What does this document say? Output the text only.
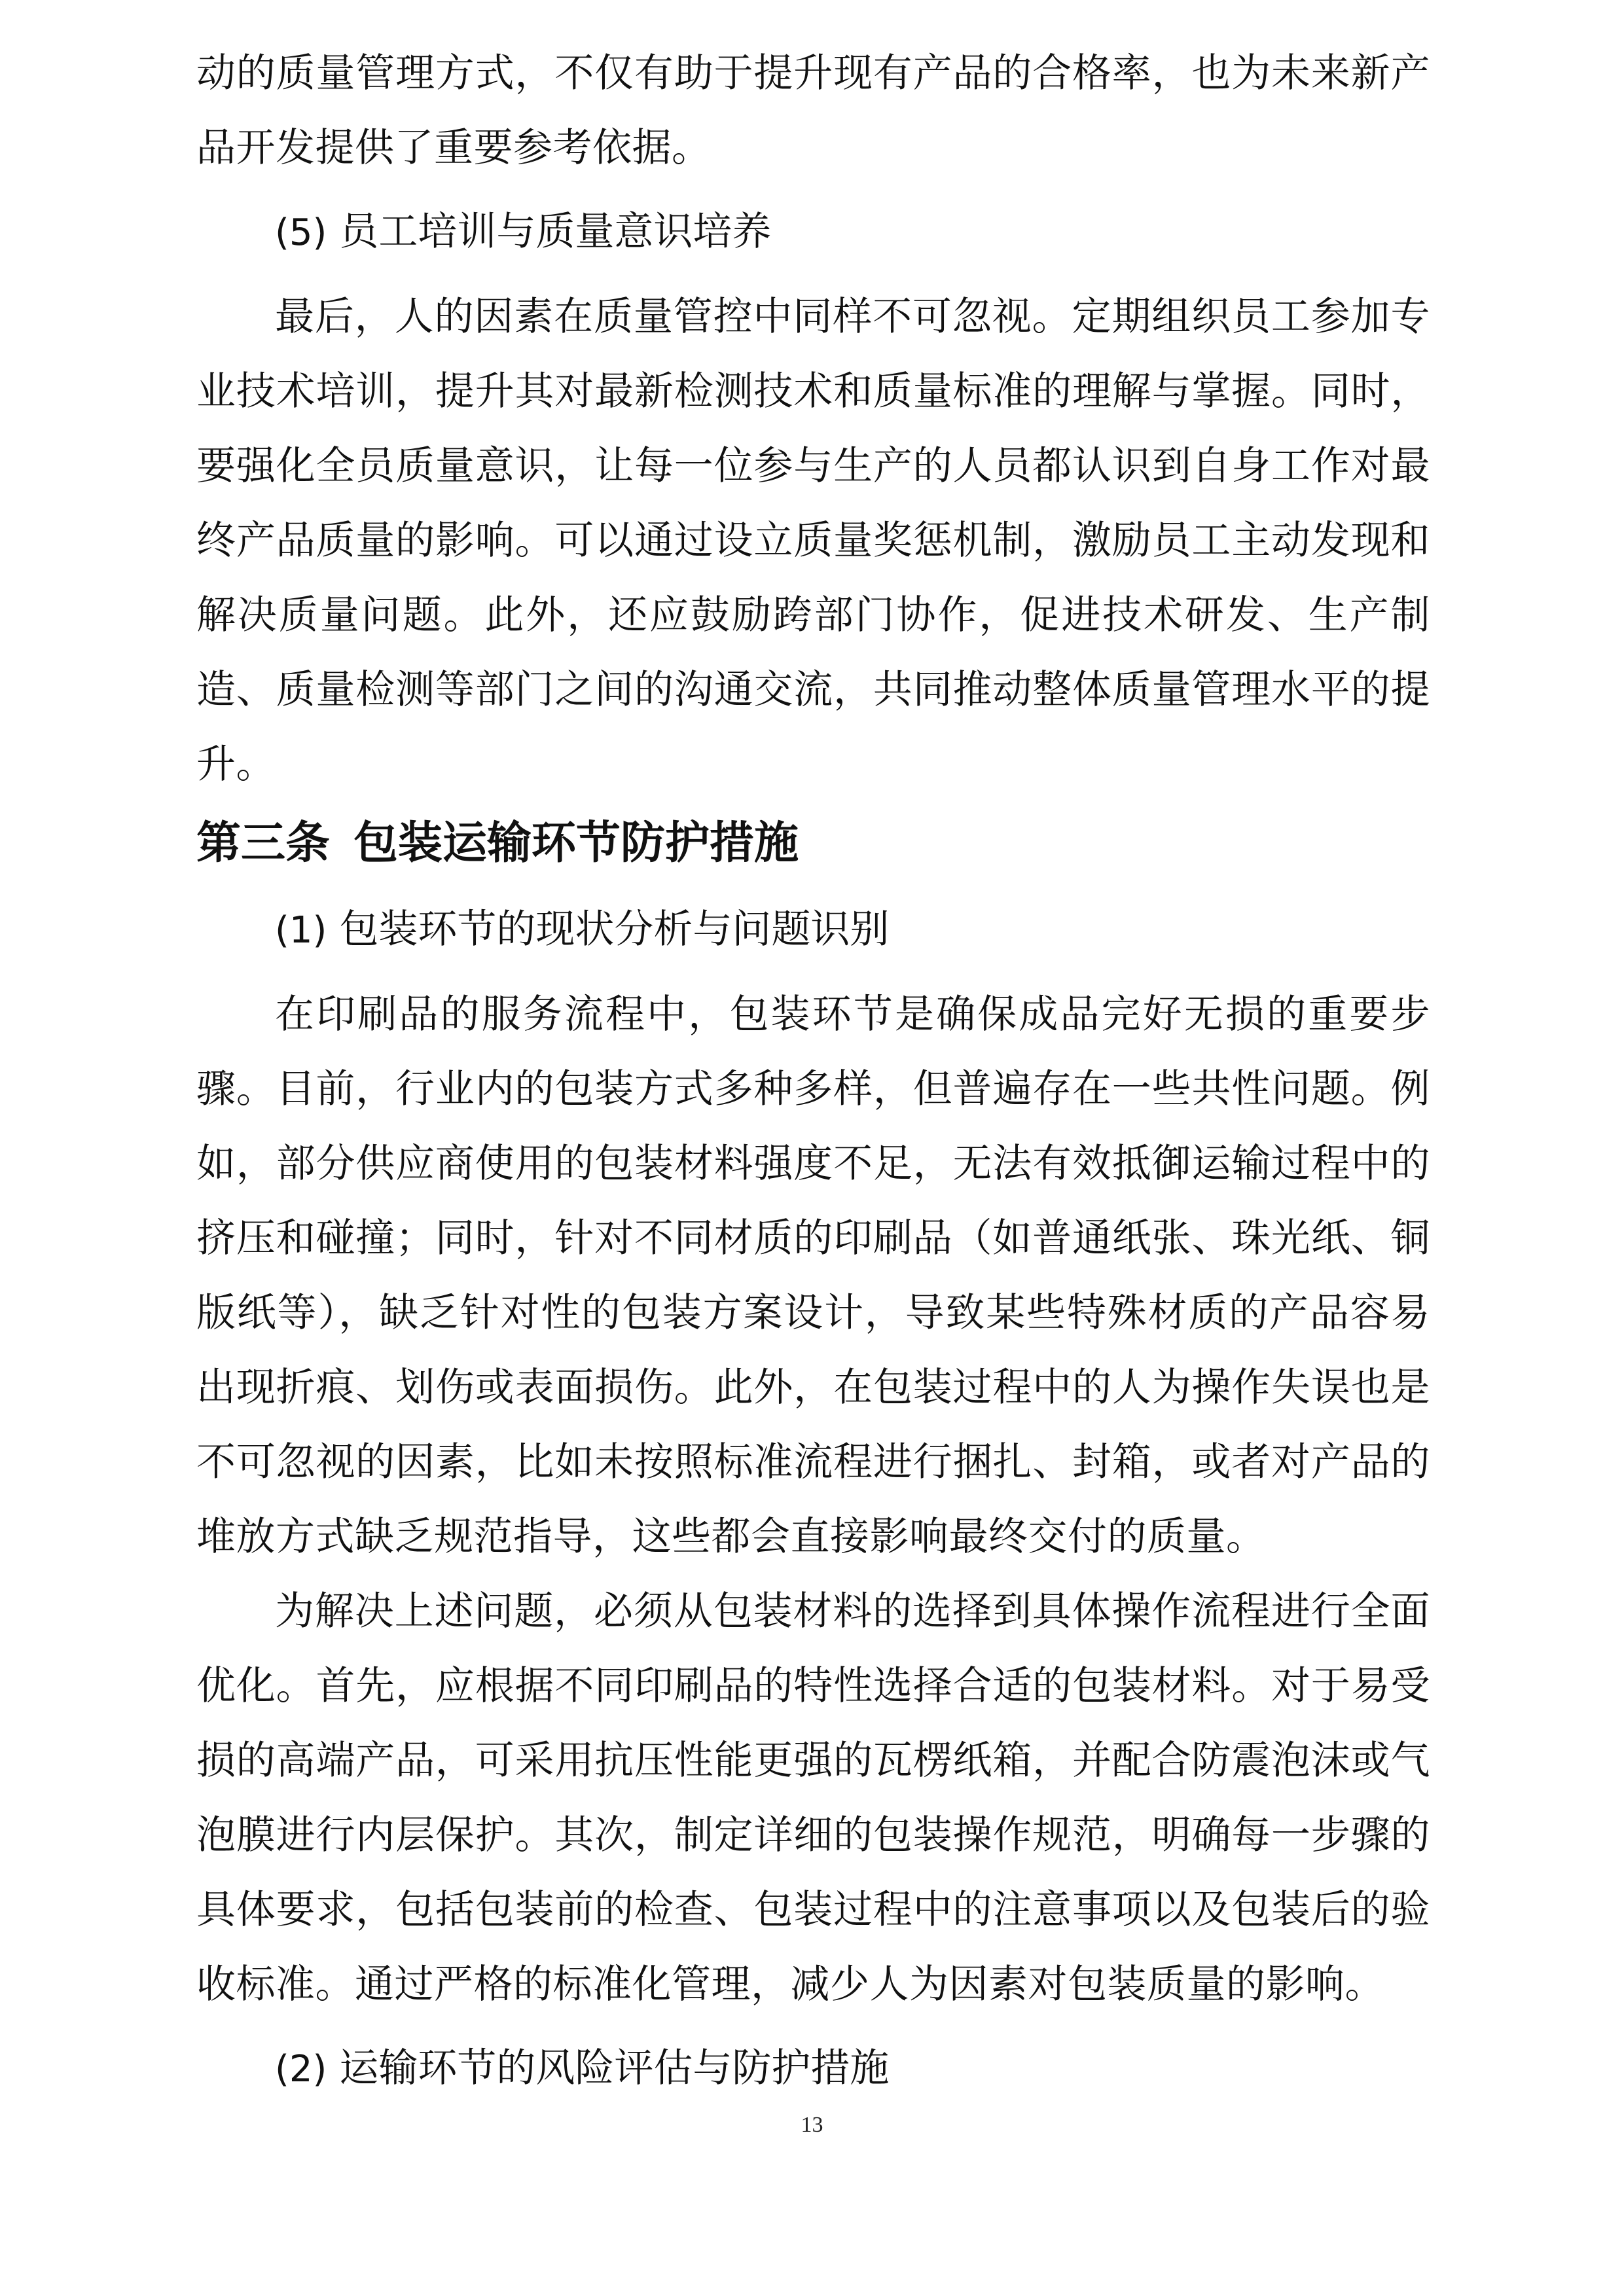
动的质量管理方式，不仅有助于提升现有产品的合格率，也为未来新产品开发提供了重要参考依据。

(5) 员工培训与质量意识培养

最后，人的因素在质量管控中同样不可忽视。定期组织员工参加专业技术培训，提升其对最新检测技术和质量标准的理解与掌握。同时，要强化全员质量意识，让每一位参与生产的人员都认识到自身工作对最终产品质量的影响。可以通过设立质量奖惩机制，激励员工主动发现和解决质量问题。此外，还应鼓励跨部门协作，促进技术研发、生产制造、质量检测等部门之间的沟通交流，共同推动整体质量管理水平的提升。

第三条 包装运输环节防护措施

(1) 包装环节的现状分析与问题识别

在印刷品的服务流程中，包装环节是确保成品完好无损的重要步骤。目前，行业内的包装方式多种多样，但普遍存在一些共性问题。例如，部分供应商使用的包装材料强度不足，无法有效抵御运输过程中的挤压和碰撞；同时，针对不同材质的印刷品（如普通纸张、珠光纸、铜版纸等），缺乏针对性的包装方案设计，导致某些特殊材质的产品容易出现折痕、划伤或表面损伤。此外，在包装过程中的人为操作失误也是不可忽视的因素，比如未按照标准流程进行捆扎、封箱，或者对产品的堆放方式缺乏规范指导，这些都会直接影响最终交付的质量。

为解决上述问题，必须从包装材料的选择到具体操作流程进行全面优化。首先，应根据不同印刷品的特性选择合适的包装材料。对于易受损的高端产品，可采用抗压性能更强的瓦楞纸箱，并配合防震泡沫或气泡膜进行内层保护。其次，制定详细的包装操作规范，明确每一步骤的具体要求，包括包装前的检查、包装过程中的注意事项以及包装后的验收标准。通过严格的标准化管理，减少人为因素对包装质量的影响。

(2) 运输环节的风险评估与防护措施

13
